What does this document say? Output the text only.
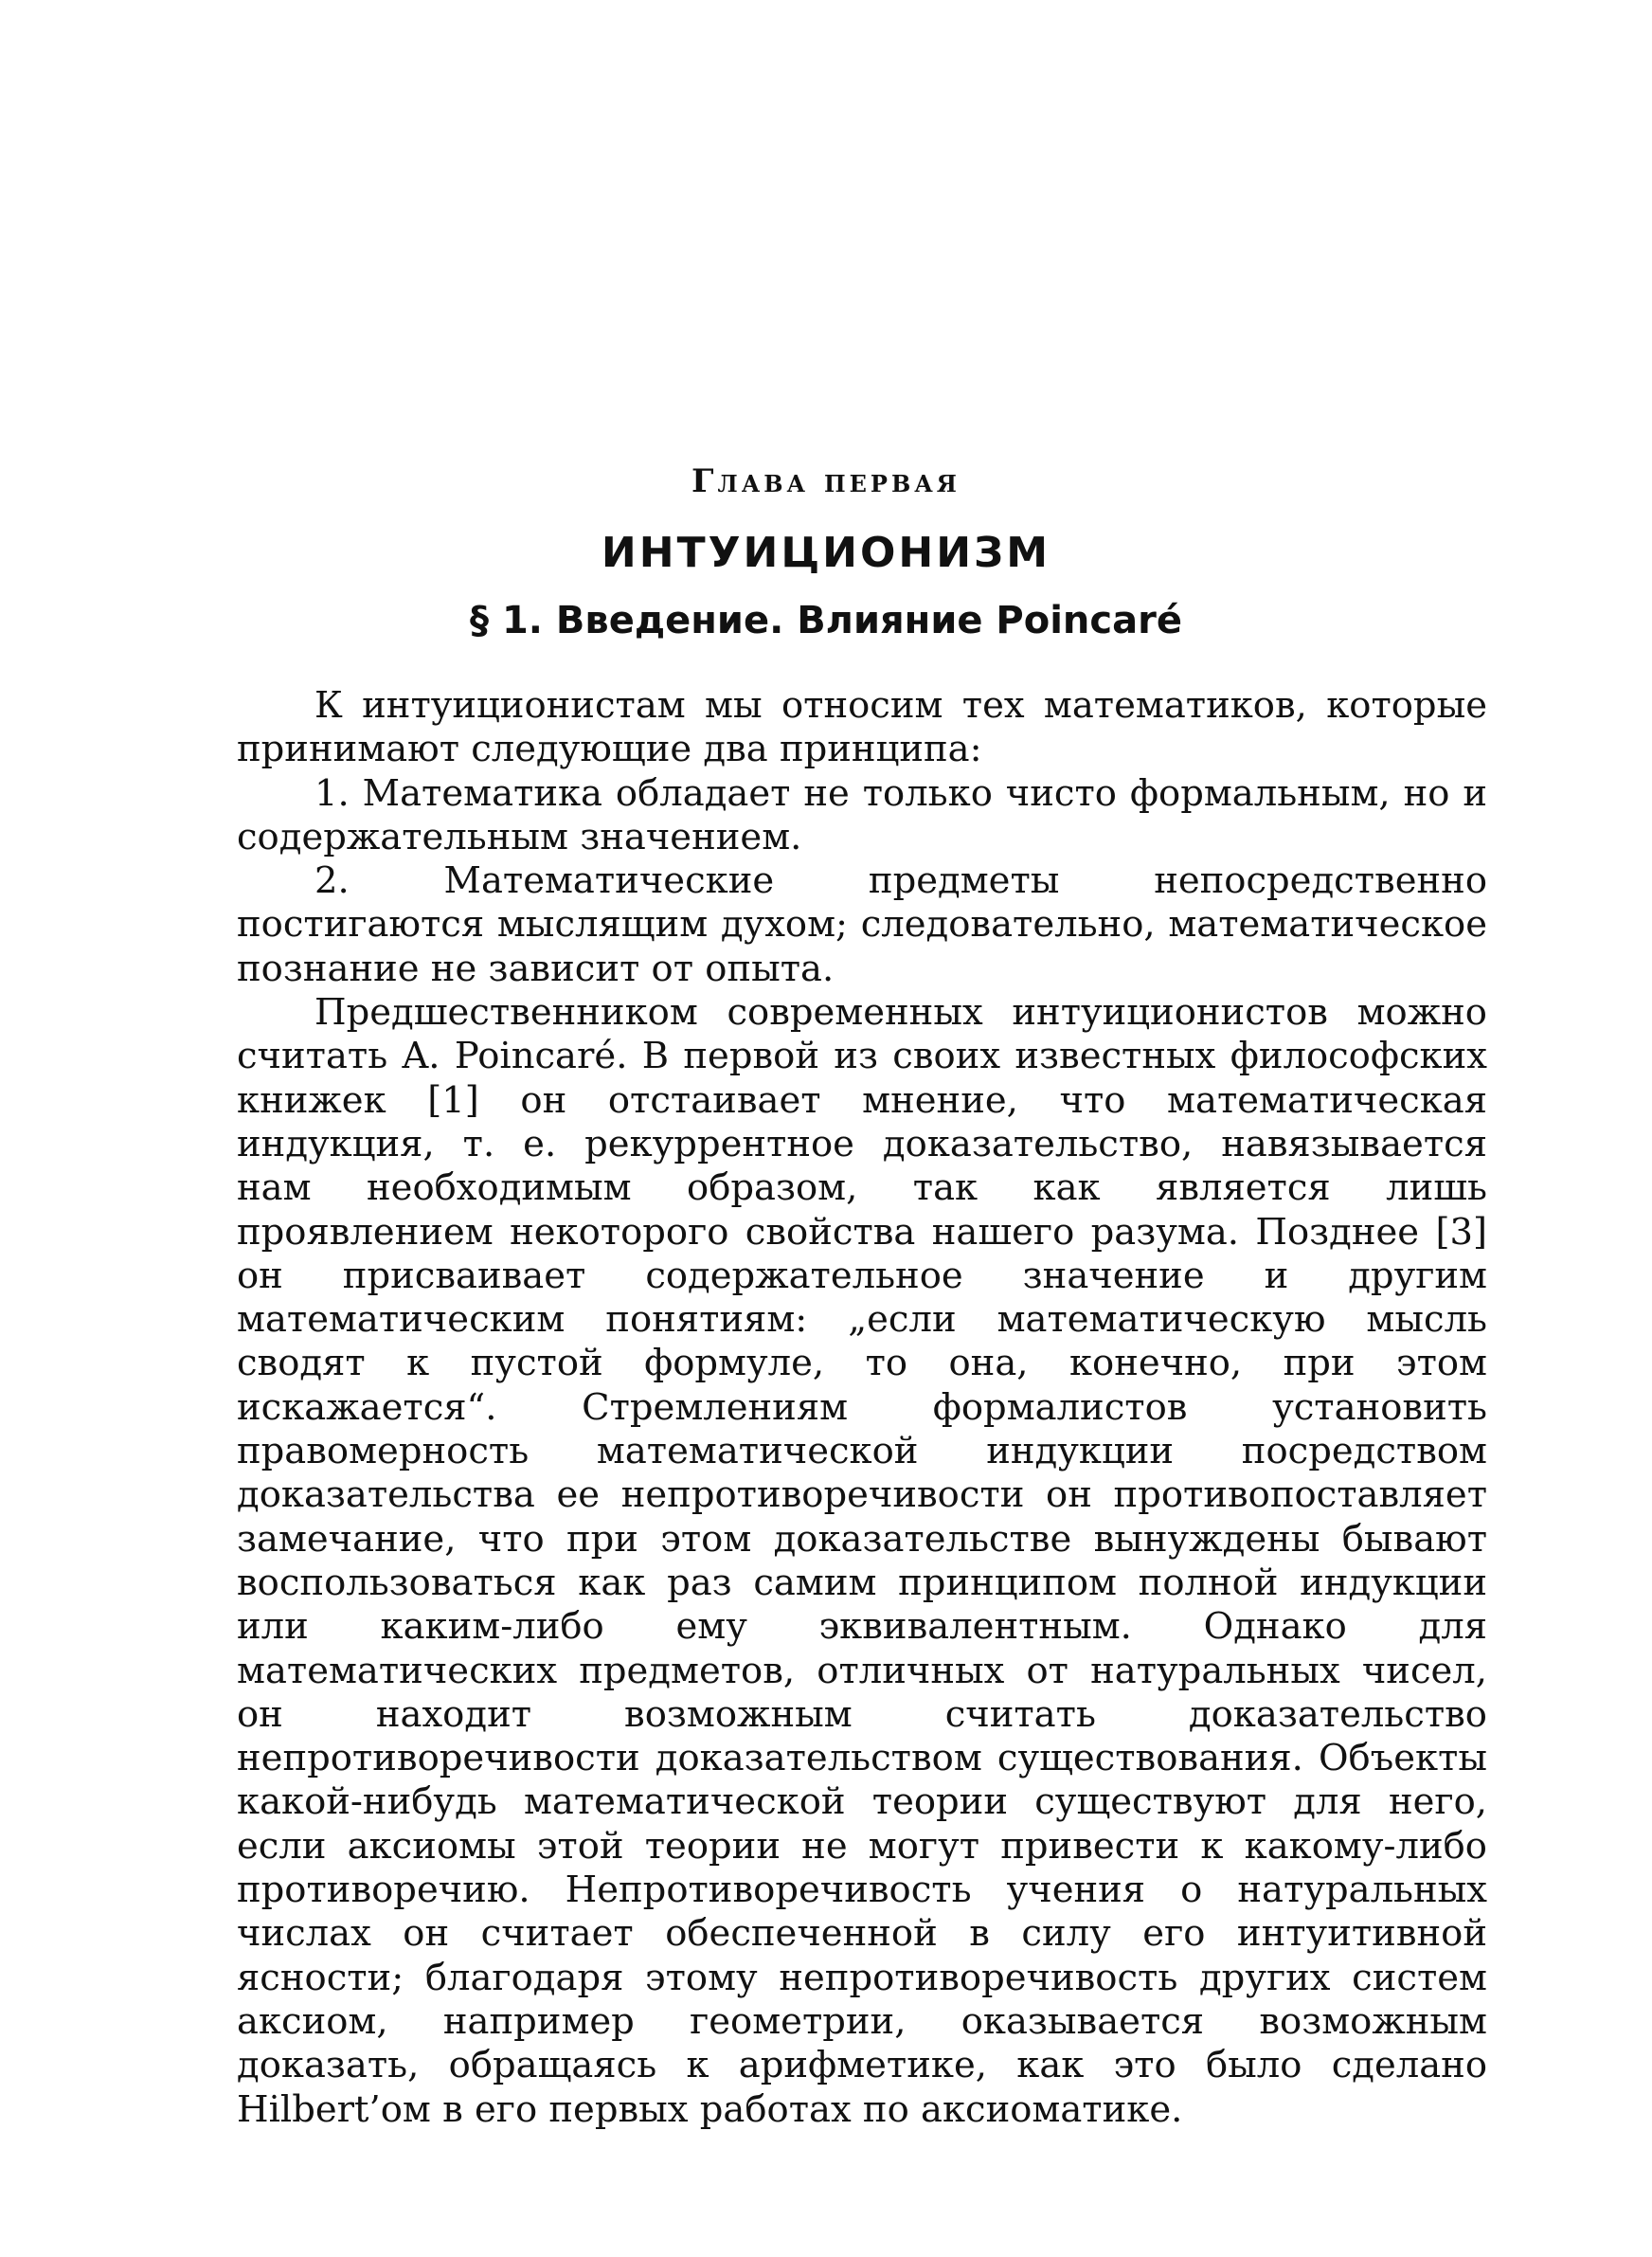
Глава первая
ИНТУИЦИОНИЗМ
§ 1. Введение. Влияние Poincaré

К интуиционистам мы относим тех математиков, которые принимают следующие два принципа:

1. Математика обладает не только чисто формальным, но и содержательным значением.

2. Математические предметы непосредственно постигаются мыслящим духом; следовательно, математическое познание не зависит от опыта.

Предшественником современных интуиционистов можно считать A. Poincaré. В первой из своих известных философских книжек [1] он отстаивает мнение, что математическая индукция, т. е. рекуррентное доказательство, навязывается нам необходимым образом, так как является лишь проявлением некоторого свойства нашего разума. Позднее [3] он присваивает содержательное значение и другим математическим понятиям: „если математическую мысль сводят к пустой формуле, то она, конечно, при этом искажается“. Стремлениям формалистов установить правомерность математической индукции посредством доказательства ее непротиворечивости он противопоставляет замечание, что при этом доказательстве вынуждены бывают воспользоваться как раз самим принципом полной индукции или каким-либо ему эквивалентным. Однако для математических предметов, отличных от натуральных чисел, он находит возможным считать доказательство непротиворечивости доказательством существования. Объекты какой-нибудь математической теории существуют для него, если аксиомы этой теории не могут привести к какому-либо противоречию. Непротиворечивость учения о натуральных числах он считает обеспеченной в силу его интуитивной ясности; благодаря этому непротиворечивость других систем аксиом, например геометрии, оказывается возможным доказать, обращаясь к арифметике, как это было сделано Hilbert’ом в его первых работах по аксиоматике.
